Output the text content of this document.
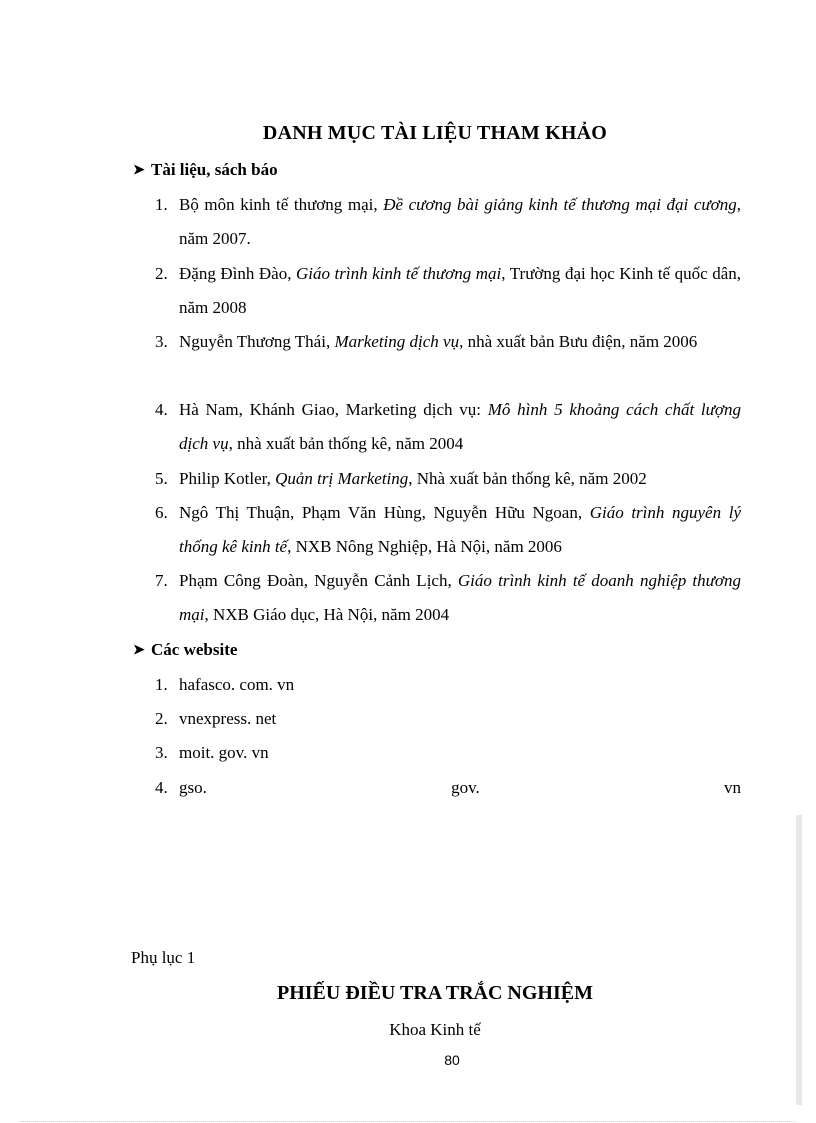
DANH MỤC TÀI LIỆU THAM KHẢO
➤ Tài liệu, sách báo
1. Bộ môn kinh tế thương mại, Đề cương bài giảng kinh tế thương mại đại cương, năm 2007.
2. Đặng Đình Đào, Giáo trình kinh tế thương mại, Trường đại học Kinh tế quốc dân, năm 2008
3. Nguyễn Thương Thái, Marketing dịch vụ, nhà xuất bản Bưu điện, năm 2006
4. Hà Nam, Khánh Giao, Marketing dịch vụ: Mô hình 5 khoảng cách chất lượng dịch vụ, nhà xuất bản thống kê, năm 2004
5. Philip Kotler, Quản trị Marketing, Nhà xuất bản thống kê, năm 2002
6. Ngô Thị Thuận, Phạm Văn Hùng, Nguyễn Hữu Ngoan, Giáo trình nguyên lý thống kê kinh tế, NXB Nông Nghiệp, Hà Nội, năm 2006
7. Phạm Công Đoàn, Nguyễn Cảnh Lịch, Giáo trình kinh tế doanh nghiệp thương mại, NXB Giáo dục, Hà Nội, năm 2004
➤ Các website
1. hafasco. com. vn
2. vnexpress. net
3. moit. gov. vn
4. gso. gov. vn
Phụ lục 1
PHIẾU ĐIỀU TRA TRẮC NGHIỆM
Khoa Kinh tế
80
